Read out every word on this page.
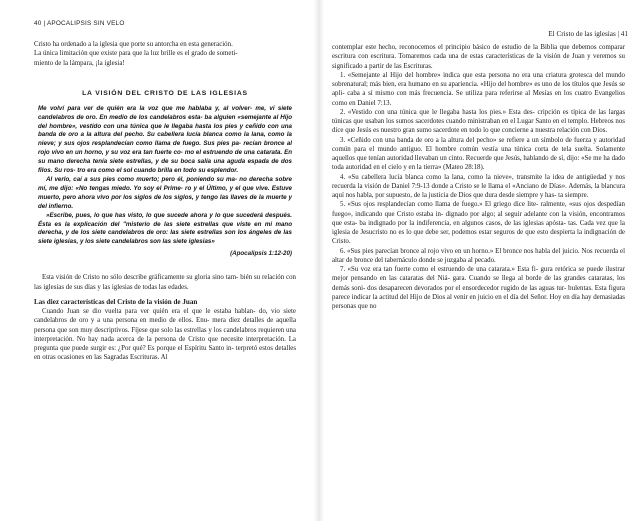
40 | APOCALIPSIS SIN VELO

Cristo ha ordenado a la iglesia que porte su antorcha en esta generación.

La única limitación que existe para que la luz brille es el grado de someti-

miento de la lámpara, ¡la iglesia!

LA VISIÓN DEL CRISTO DE LAS IGLESIAS

Me volví para ver de quién era la voz que me hablaba y, al volver- me, vi siete candelabros de oro. En medio de los candelabros esta- ba alguien «semejante al Hijo del hombre», vestido con una túnica que le llegaba hasta los pies y ceñido con una banda de oro a la altura del pecho. Su cabellera lucía blanca como la lana, como la nieve; y sus ojos resplandecían como llama de fuego. Sus pies pa- recían bronce al rojo vivo en un horno, y su voz era tan fuerte co- mo el estruendo de una catarata. En su mano derecha tenía siete estrellas, y de su boca salía una aguda espada de dos filos. Su ros- tro era como el sol cuando brilla en todo su esplendor.

Al verlo, caí a sus pies como muerto; pero él, poniendo su ma- no derecha sobre mí, me dijo: «No tengas miedo. Yo soy el Prime- ro y el Último, y el que vive. Estuve muerto, pero ahora vivo por los siglos de los siglos, y tengo las llaves de la muerte y del infierno.

»Escribe, pues, lo que has visto, lo que sucede ahora y lo que sucederá después. Ésta es la explicación del "misterio de las siete estrellas que viste en mi mano derecha, y de los siete candelabros de oro: las siete estrellas son los ángeles de las siete iglesias, y los siete candelabros son las siete iglesias»

(Apocalipsis 1:12-20)

Esta visión de Cristo no sólo describe gráficamente su gloria sino tam- bién su relación con las iglesias de sus días y las iglesias de todas las edades.

Las diez características del Cristo de la visión de Juan

Cuando Juan se dio vuelta para ver quién era el que le estaba hablan- do, vio siete candelabros de oro y a una persona en medio de ellos. Enu- mera diez detalles de aquella persona que son muy descriptivos. Fíjese que solo las estrellas y los candelabros requieren una interpretación. No hay nada acerca de la persona de Cristo que necesite interpretación. La pregunta que puede surgir es: ¿Por qué? Es porque el Espíritu Santo in- terpretó estos detalles en otras ocasiones en las Sagradas Escrituras. Al

El Cristo de las iglesias | 41

contemplar este hecho, reconocemos el principio básico de estudio de la Biblia que debemos comparar escritura con escritura. Tomaremos cada una de estas características de la visión de Juan y veremos su significado a partir de las Escrituras.

1. «Semejante al Hijo del hombre» indica que esta persona no era una criatura grotesca del mundo sobrenatural; más bien, era humano en su apariencia. «Hijo del hombre» es uno de los títulos que Jesús se apli- caba a sí mismo con más frecuencia. Se utiliza para referirse al Mesías en los cuatro Evangelios como en Daniel 7:13.

2. «Vestido con una túnica que le llegaba hasta los pies.» Esta des- cripción es típica de las largas túnicas que usaban los sumos sacerdotes cuando ministraban en el Lugar Santo en el templo. Hebreos nos dice que Jesús es nuestro gran sumo sacerdote en todo lo que concierne a nuestra relación con Dios.

3. «Ceñido con una banda de oro a la altura del pecho» se refiere a un símbolo de fuerza y autoridad común para el mundo antiguo. El hombre común vestía una túnica corta de tela suelta. Solamente aquellos que tenían autoridad llevaban un cinto. Recuerde que Jesús, hablando de sí, dijo: «Se me ha dado toda autoridad en el cielo y en la tierra» (Mateo 28:18).

4. «Su cabellera lucía blanca como la lana, como la nieve», transmite la idea de antigüedad y nos recuerda la visión de Daniel 7:9-13 donde a Cristo se le llama el «Anciano de Días». Además, la blancura aquí nos habla, por supuesto, de la justicia de Dios que dura desde siempre y has- ta siempre.

5. «Sus ojos resplandecían como llama de fuego.» El griego dice lite- ralmente, «sus ojos despedían fuego», indicando que Cristo estaba in- dignado por algo; al seguir adelante con la visión, encontramos que esta- ba indignado por la indiferencia, en algunos casos, de las iglesias apósta- tas. Cada vez que la iglesia de Jesucristo no es lo que debe ser, podemos estar seguros de que esto despierta la indignación de Cristo.

6. «Sus pies parecían bronce al rojo vivo en un horno.» El bronce nos habla del juicio. Nos recuerda el altar de bronce del tabernáculo donde se juzgaba al pecado.

7. «Su voz era tan fuerte como el estruendo de una catarata.» Esta fi- gura retórica se puede ilustrar mejor pensando en las cataratas del Niá- gara. Cuando se llega al borde de las grandes cataratas, los demás soni- dos desaparecen devorados por el ensordecedor rugido de las aguas tur- bulentas. Esta figura parece indicar la actitud del Hijo de Dios al venir en juicio en el día del Señor. Hoy en día hay demasiadas personas que no
